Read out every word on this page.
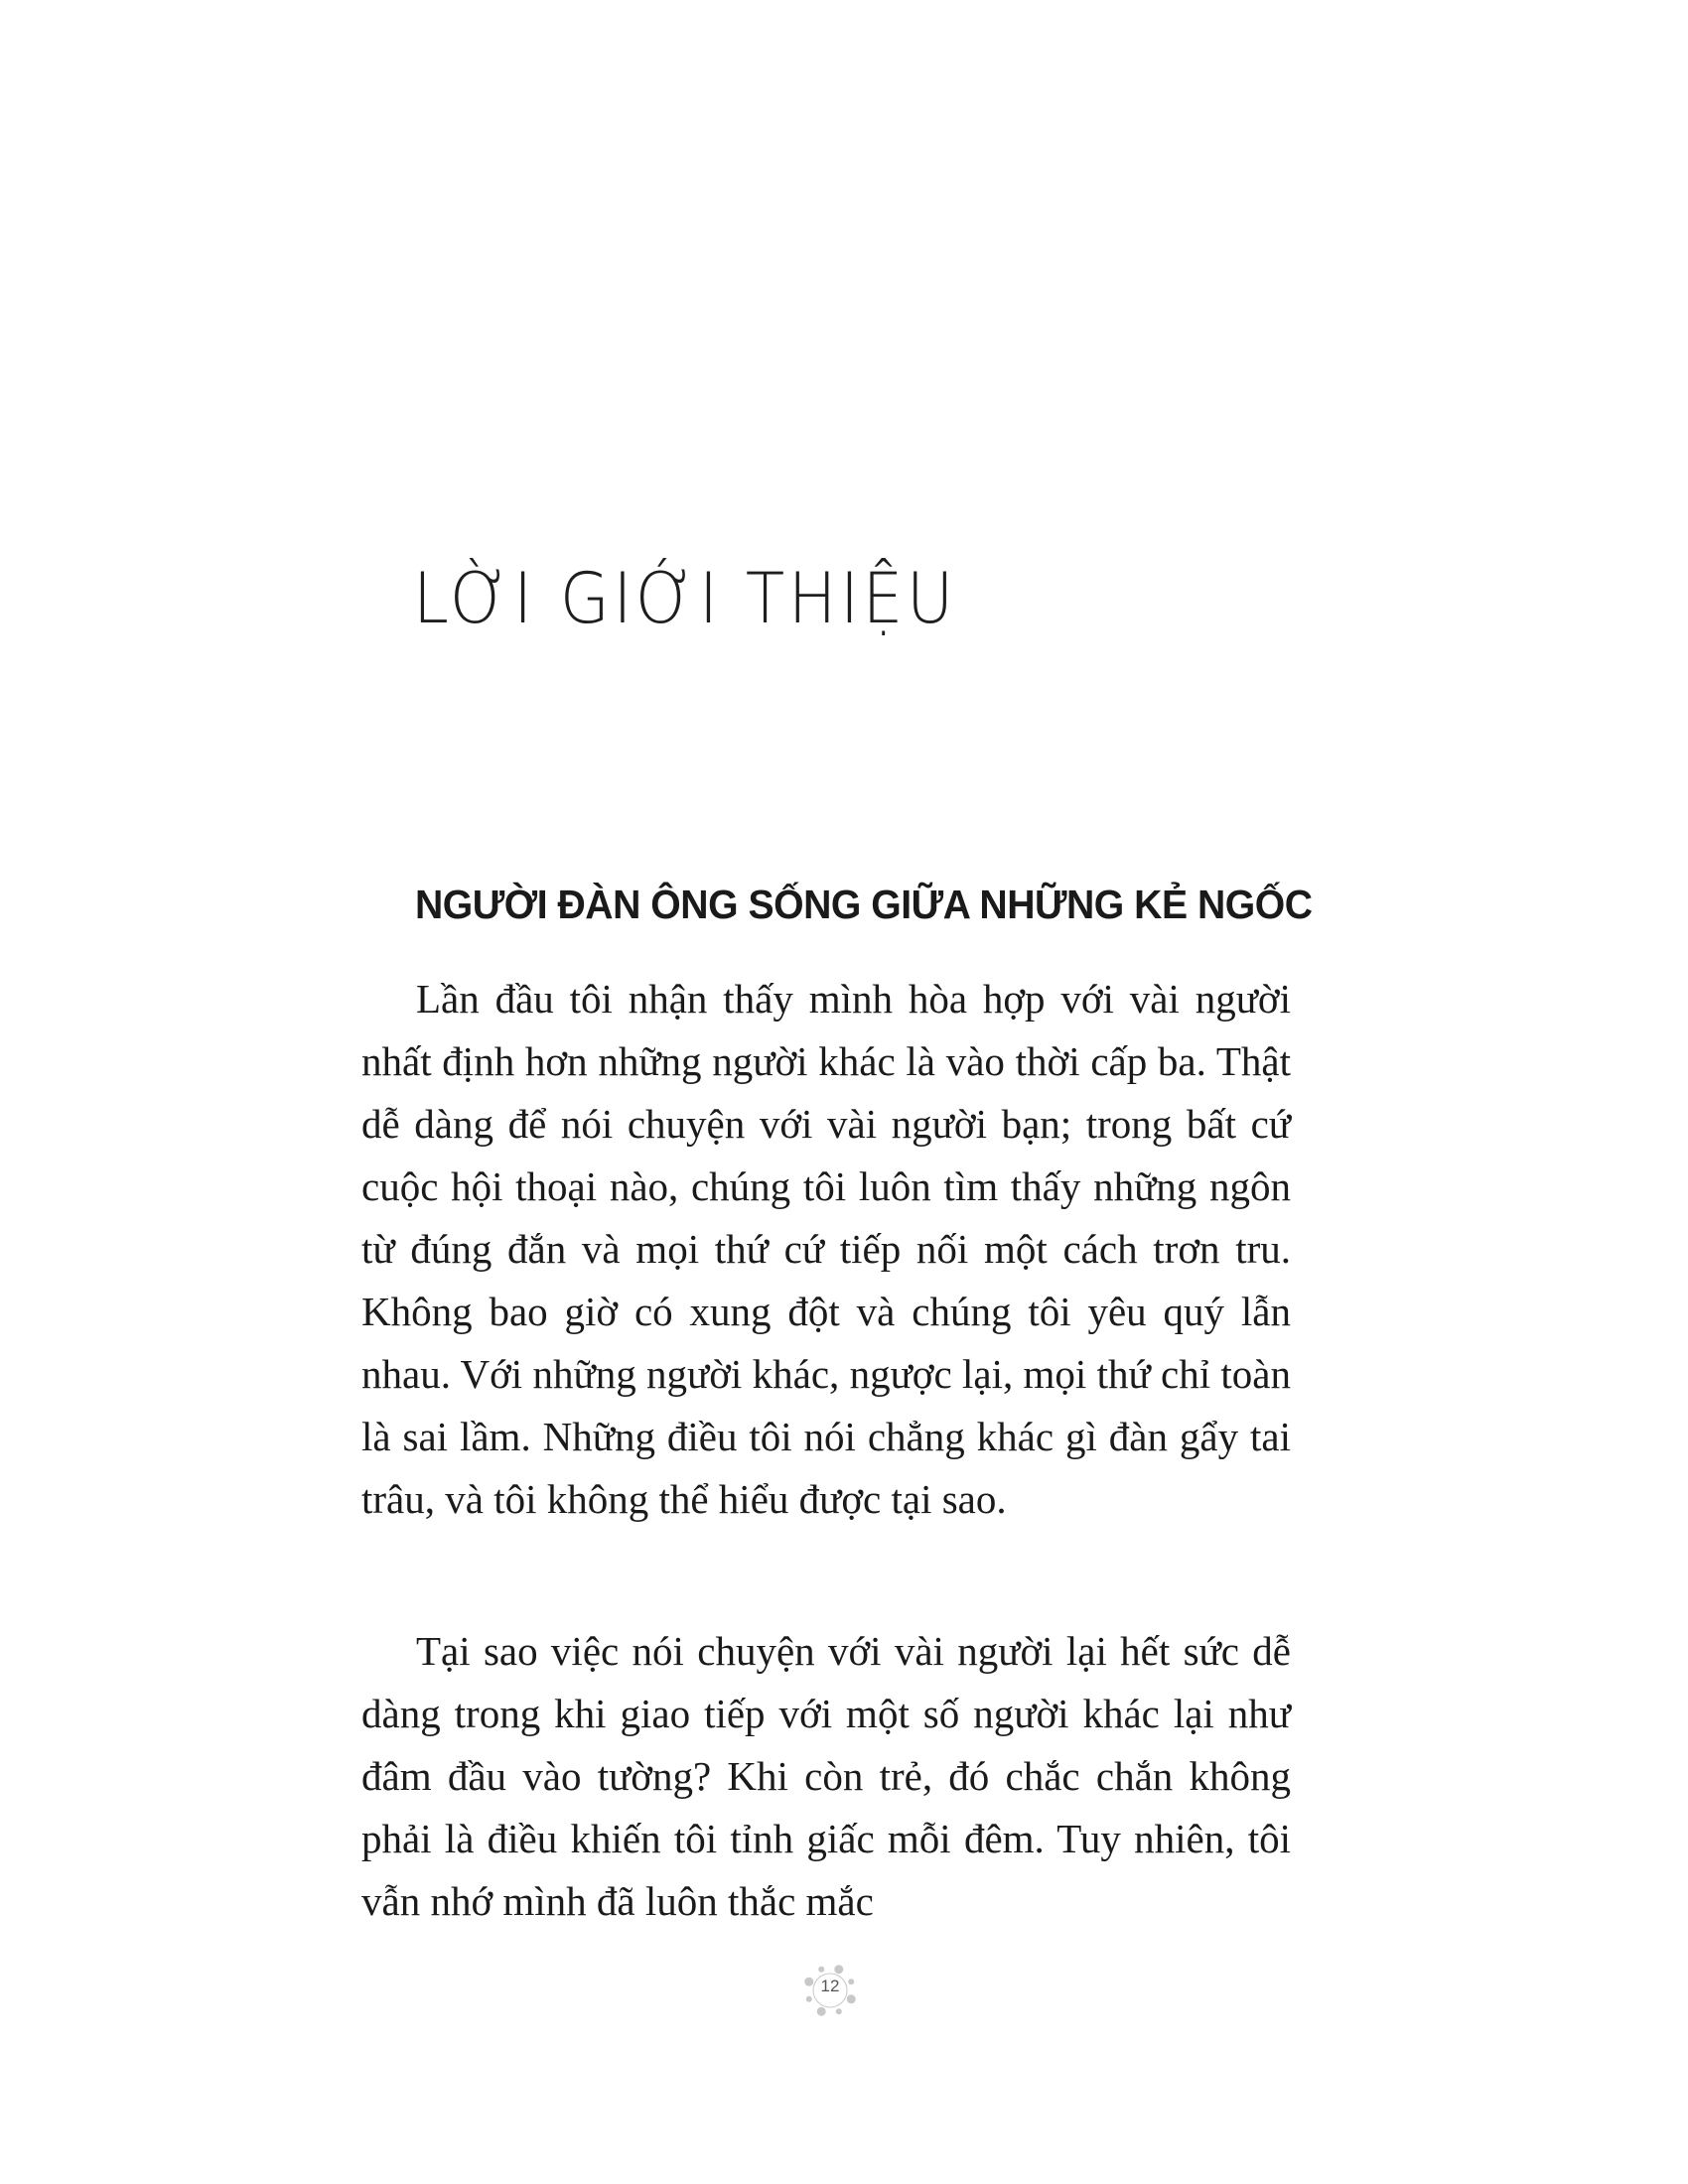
LỜI GIỚI THIỆU
NGƯỜI ĐÀN ÔNG SỐNG GIỮA NHỮNG KẺ NGỐC

Lần đầu tôi nhận thấy mình hòa hợp với vài người nhất định hơn những người khác là vào thời cấp ba. Thật dễ dàng để nói chuyện với vài người bạn; trong bất cứ cuộc hội thoại nào, chúng tôi luôn tìm thấy những ngôn từ đúng đắn và mọi thứ cứ tiếp nối một cách trơn tru. Không bao giờ có xung đột và chúng tôi yêu quý lẫn nhau. Với những người khác, ngược lại, mọi thứ chỉ toàn là sai lầm. Những điều tôi nói chẳng khác gì đàn gẩy tai trâu, và tôi không thể hiểu được tại sao.

Tại sao việc nói chuyện với vài người lại hết sức dễ dàng trong khi giao tiếp với một số người khác lại như đâm đầu vào tường? Khi còn trẻ, đó chắc chắn không phải là điều khiến tôi tỉnh giấc mỗi đêm. Tuy nhiên, tôi vẫn nhớ mình đã luôn thắc mắc

12
